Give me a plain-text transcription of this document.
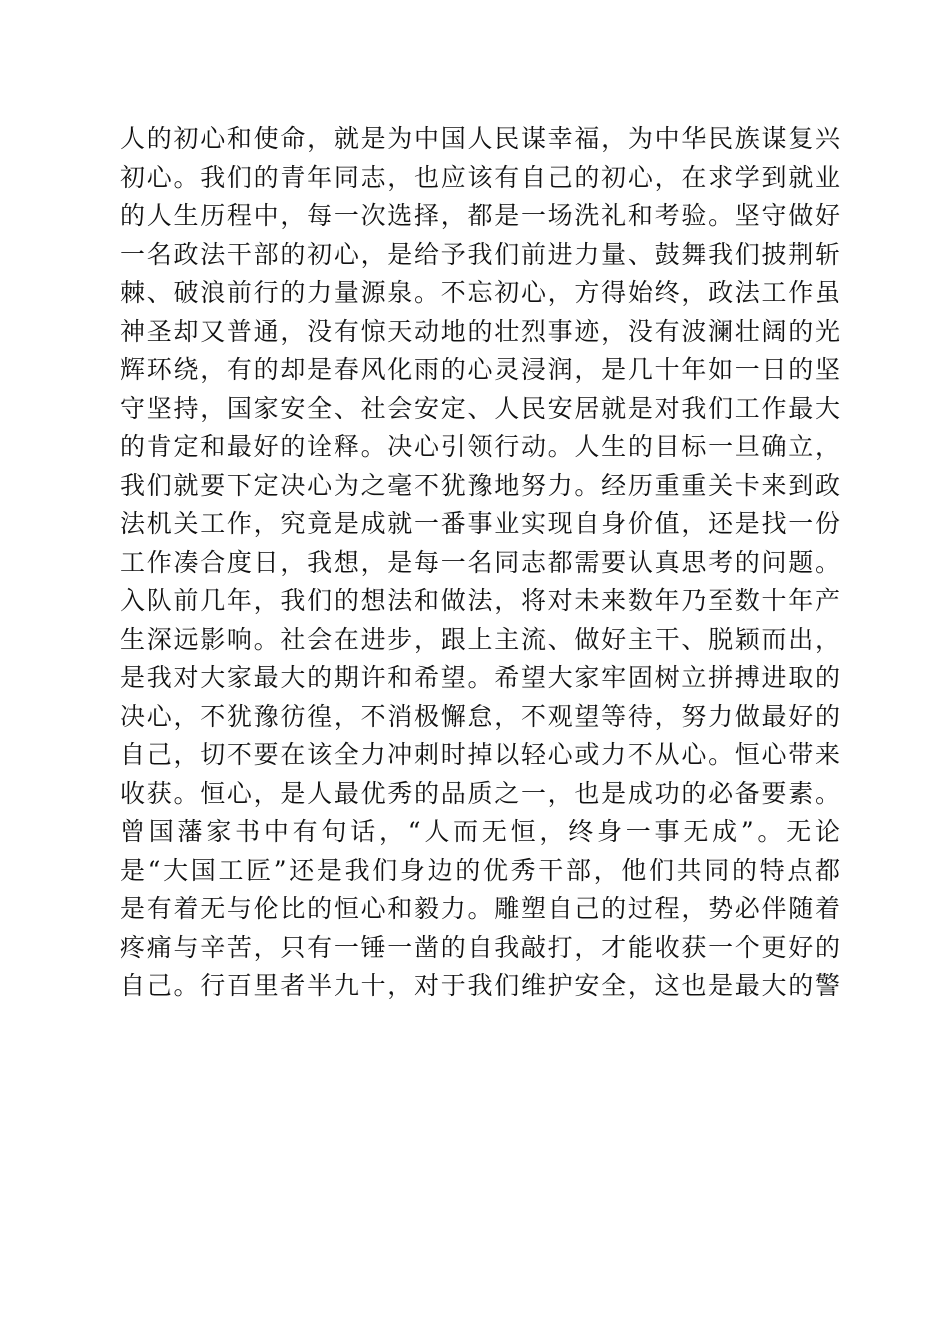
人的初心和使命，就是为中国人民谋幸福，为中华民族谋复兴
初心。我们的青年同志，也应该有自己的初心，在求学到就业
的人生历程中，每一次选择，都是一场洗礼和考验。坚守做好
一名政法干部的初心，是给予我们前进力量、鼓舞我们披荆斩
棘、破浪前行的力量源泉。不忘初心，方得始终，政法工作虽
神圣却又普通，没有惊天动地的壮烈事迹，没有波澜壮阔的光
辉环绕，有的却是春风化雨的心灵浸润，是几十年如一日的坚
守坚持，国家安全、社会安定、人民安居就是对我们工作最大
的肯定和最好的诠释。决心引领行动。人生的目标一旦确立，
我们就要下定决心为之毫不犹豫地努力。经历重重关卡来到政
法机关工作，究竟是成就一番事业实现自身价值，还是找一份
工作凑合度日，我想，是每一名同志都需要认真思考的问题。
入队前几年，我们的想法和做法，将对未来数年乃至数十年产
生深远影响。社会在进步，跟上主流、做好主干、脱颖而出，
是我对大家最大的期许和希望。希望大家牢固树立拼搏进取的
决心，不犹豫彷徨，不消极懈怠，不观望等待，努力做最好的
自己，切不要在该全力冲刺时掉以轻心或力不从心。恒心带来
收获。恒心，是人最优秀的品质之一，也是成功的必备要素。
曾国藩家书中有句话，“人而无恒，终身一事无成”。无论
是“大国工匠”还是我们身边的优秀干部，他们共同的特点都
是有着无与伦比的恒心和毅力。雕塑自己的过程，势必伴随着
疼痛与辛苦，只有一锤一凿的自我敲打，才能收获一个更好的
自己。行百里者半九十，对于我们维护安全，这也是最大的警
